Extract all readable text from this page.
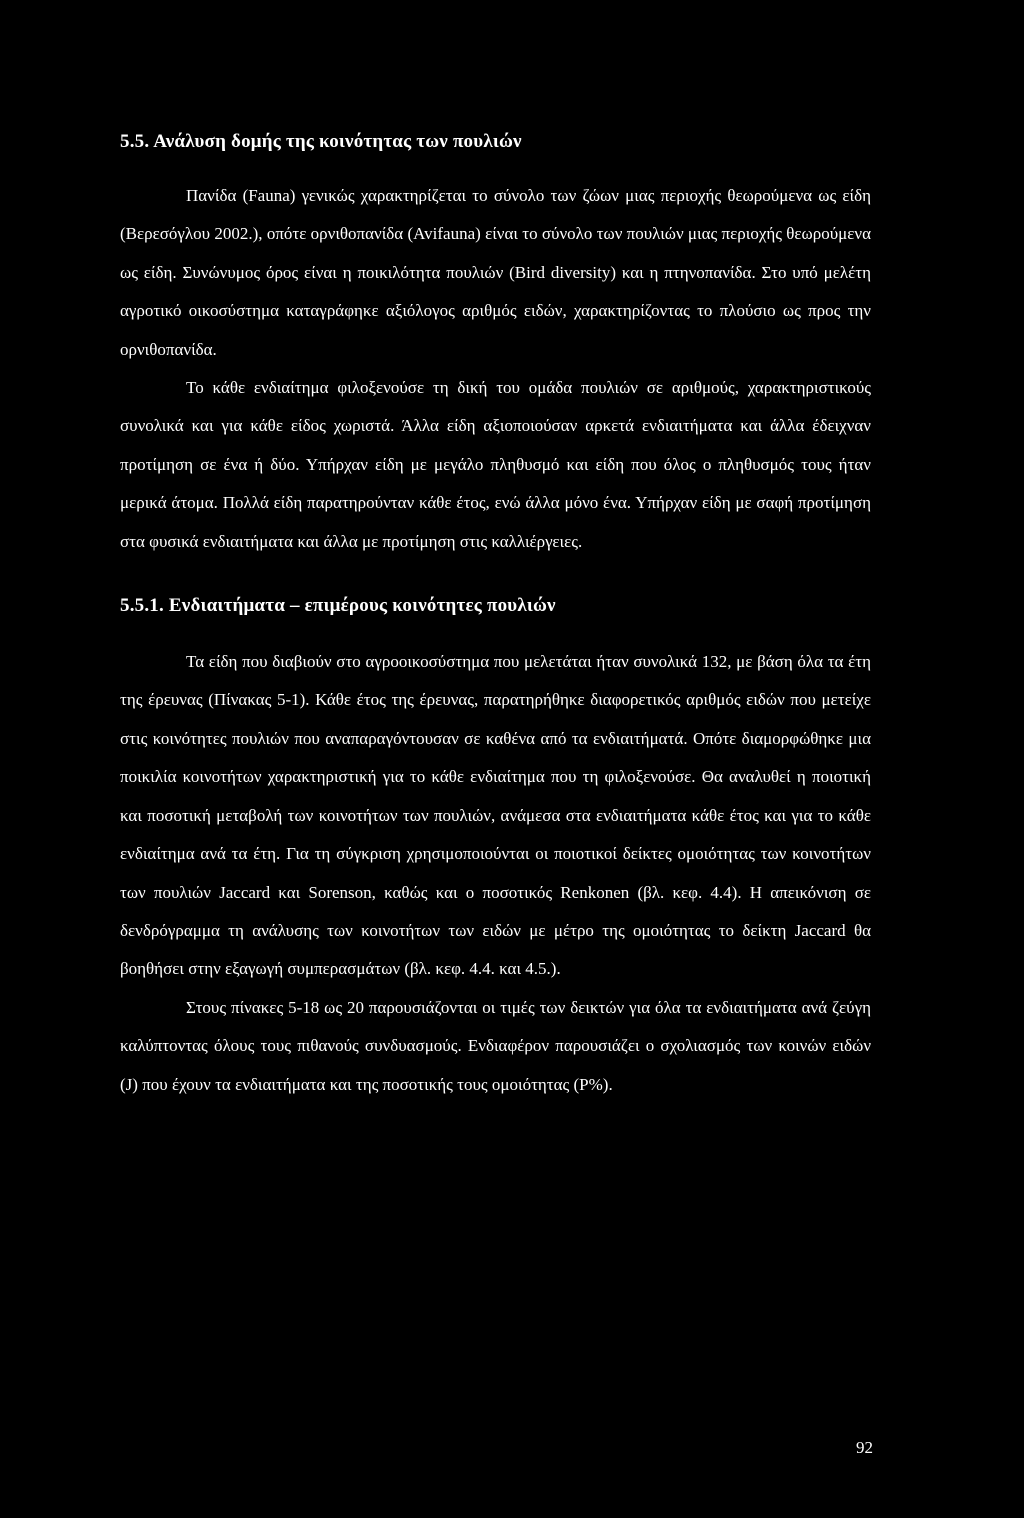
5.5. Ανάλυση δομής της κοινότητας των πουλιών

Πανίδα (Fauna) γενικώς χαρακτηρίζεται το σύνολο των ζώων μιας περιοχής θεωρούμενα ως είδη (Βερεσόγλου 2002.), οπότε ορνιθοπανίδα (Avifauna) είναι το σύνολο των πουλιών μιας περιοχής θεωρούμενα ως είδη. Συνώνυμος όρος είναι η ποικιλότητα πουλιών (Bird diversity) και η πτηνοπανίδα. Στο υπό μελέτη αγροτικό οικοσύστημα καταγράφηκε αξιόλογος αριθμός ειδών, χαρακτηρίζοντας το πλούσιο ως προς την ορνιθοπανίδα.

Το κάθε ενδιαίτημα φιλοξενούσε τη δική του ομάδα πουλιών σε αριθμούς, χαρακτηριστικούς συνολικά και για κάθε είδος χωριστά. Άλλα είδη αξιοποιούσαν αρκετά ενδιαιτήματα και άλλα έδειχναν προτίμηση σε ένα ή δύο. Υπήρχαν είδη με μεγάλο πληθυσμό και είδη που όλος ο πληθυσμός τους ήταν μερικά άτομα. Πολλά είδη παρατηρούνταν κάθε έτος, ενώ άλλα μόνο ένα. Υπήρχαν είδη με σαφή προτίμηση στα φυσικά ενδιαιτήματα και άλλα με προτίμηση στις καλλιέργειες.

5.5.1. Ενδιαιτήματα – επιμέρους κοινότητες πουλιών

Τα είδη που διαβιούν στο αγροοικοσύστημα που μελετάται ήταν συνολικά 132, με βάση όλα τα έτη της έρευνας (Πίνακας 5-1). Κάθε έτος της έρευνας, παρατηρήθηκε διαφορετικός αριθμός ειδών που μετείχε στις κοινότητες πουλιών που αναπαραγόντουσαν σε καθένα από τα ενδιαιτήματά. Οπότε διαμορφώθηκε μια ποικιλία κοινοτήτων χαρακτηριστική για το κάθε ενδιαίτημα που τη φιλοξενούσε. Θα αναλυθεί η ποιοτική και ποσοτική μεταβολή των κοινοτήτων των πουλιών, ανάμεσα στα ενδιαιτήματα κάθε έτος και για το κάθε ενδιαίτημα ανά τα έτη. Για τη σύγκριση χρησιμοποιούνται οι ποιοτικοί δείκτες ομοιότητας των κοινοτήτων των πουλιών Jaccard και Sorenson, καθώς και ο ποσοτικός Renkonen (βλ. κεφ. 4.4). Η απεικόνιση σε δενδρόγραμμα τη ανάλυσης των κοινοτήτων των ειδών με μέτρο της ομοιότητας το δείκτη Jaccard θα βοηθήσει στην εξαγωγή συμπερασμάτων (βλ. κεφ. 4.4. και 4.5.).

Στους πίνακες 5-18 ως 20 παρουσιάζονται οι τιμές των δεικτών για όλα τα ενδιαιτήματα ανά ζεύγη καλύπτοντας όλους τους πιθανούς συνδυασμούς. Ενδιαφέρον παρουσιάζει ο σχολιασμός των κοινών ειδών (J) που έχουν τα ενδιαιτήματα και της ποσοτικής τους ομοιότητας (P%).

92
